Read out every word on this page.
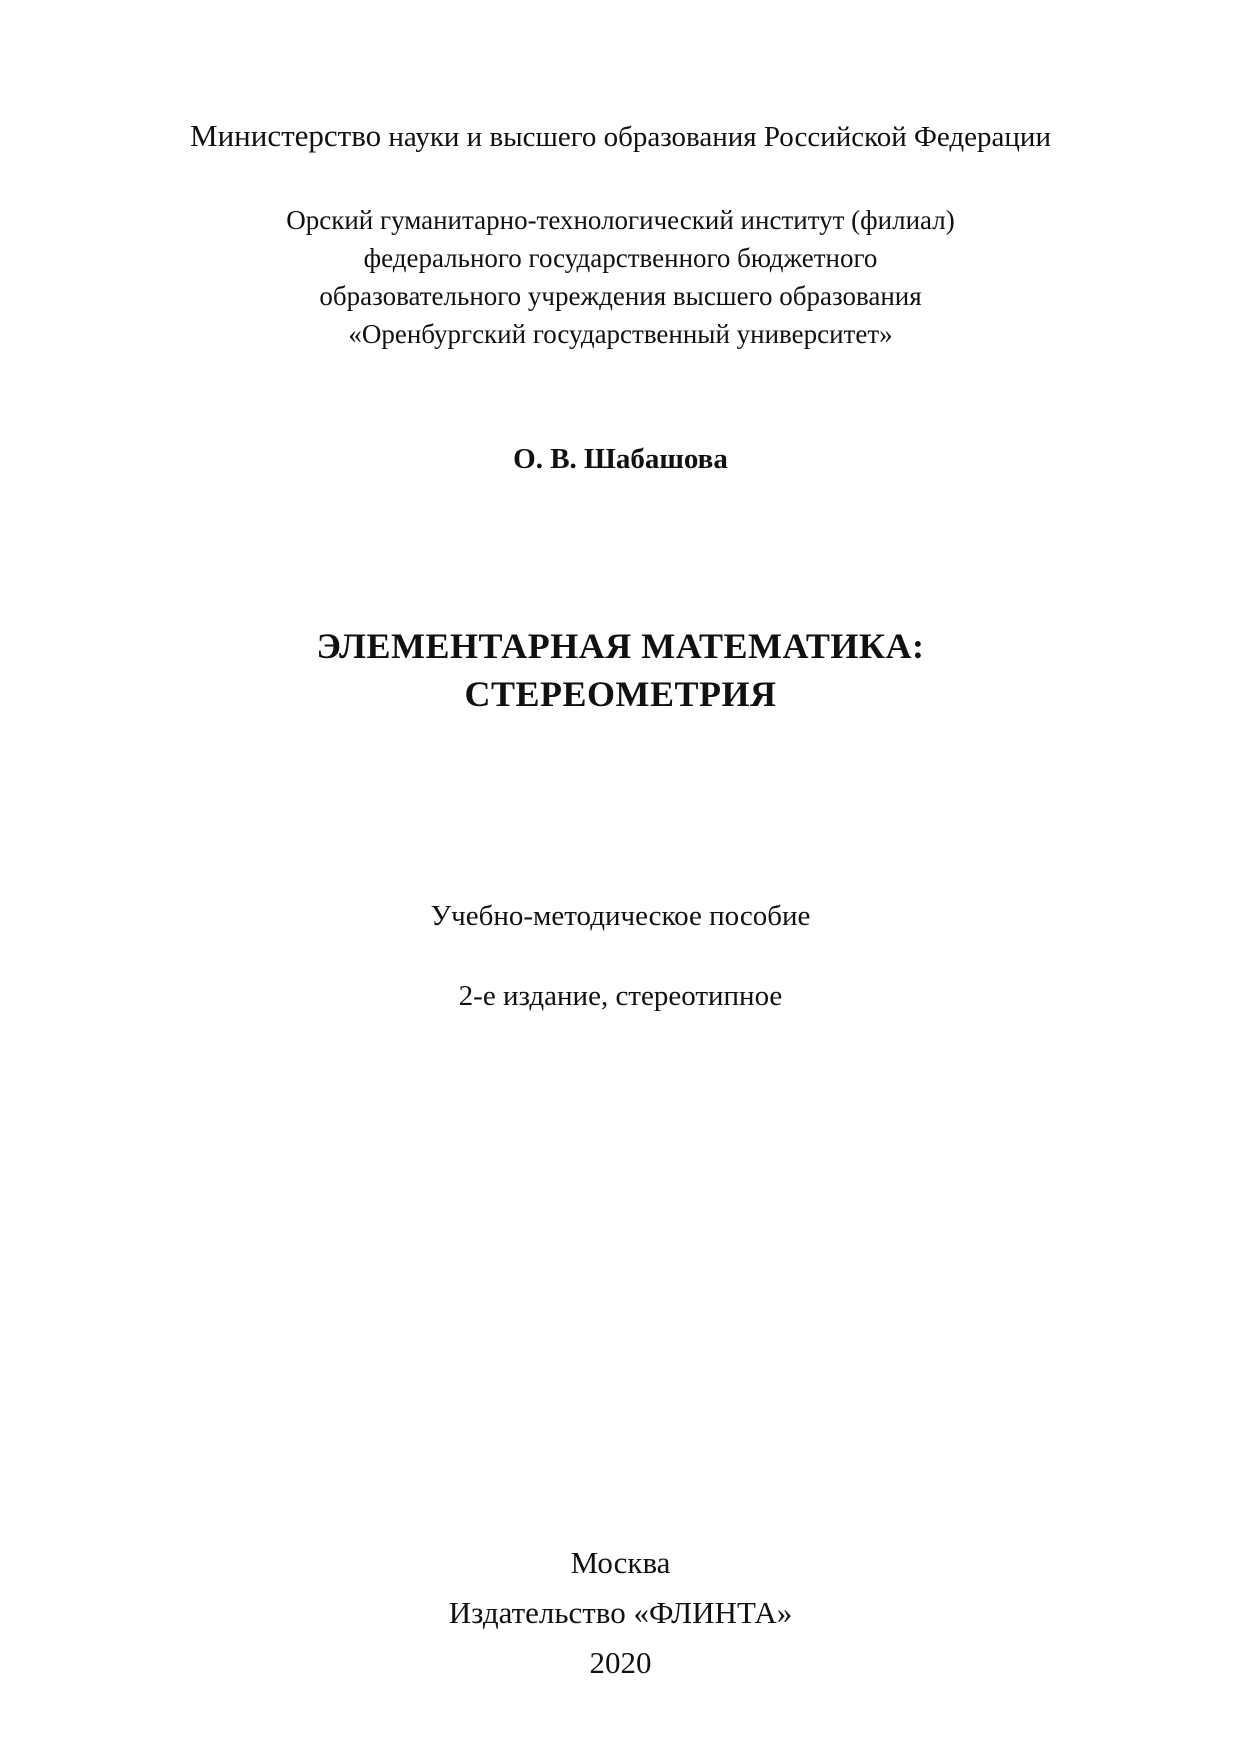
Министерство науки и высшего образования Российской Федерации

Орский гуманитарно-технологический институт (филиал)

федерального государственного бюджетного

образовательного учреждения высшего образования

«Оренбургский государственный университет»

О. В. Шабашова

ЭЛЕМЕНТАРНАЯ МАТЕМАТИКА:

СТЕРЕОМЕТРИЯ

Учебно-методическое пособие

2-е издание, стереотипное

Москва

Издательство «ФЛИНТА»

2020
